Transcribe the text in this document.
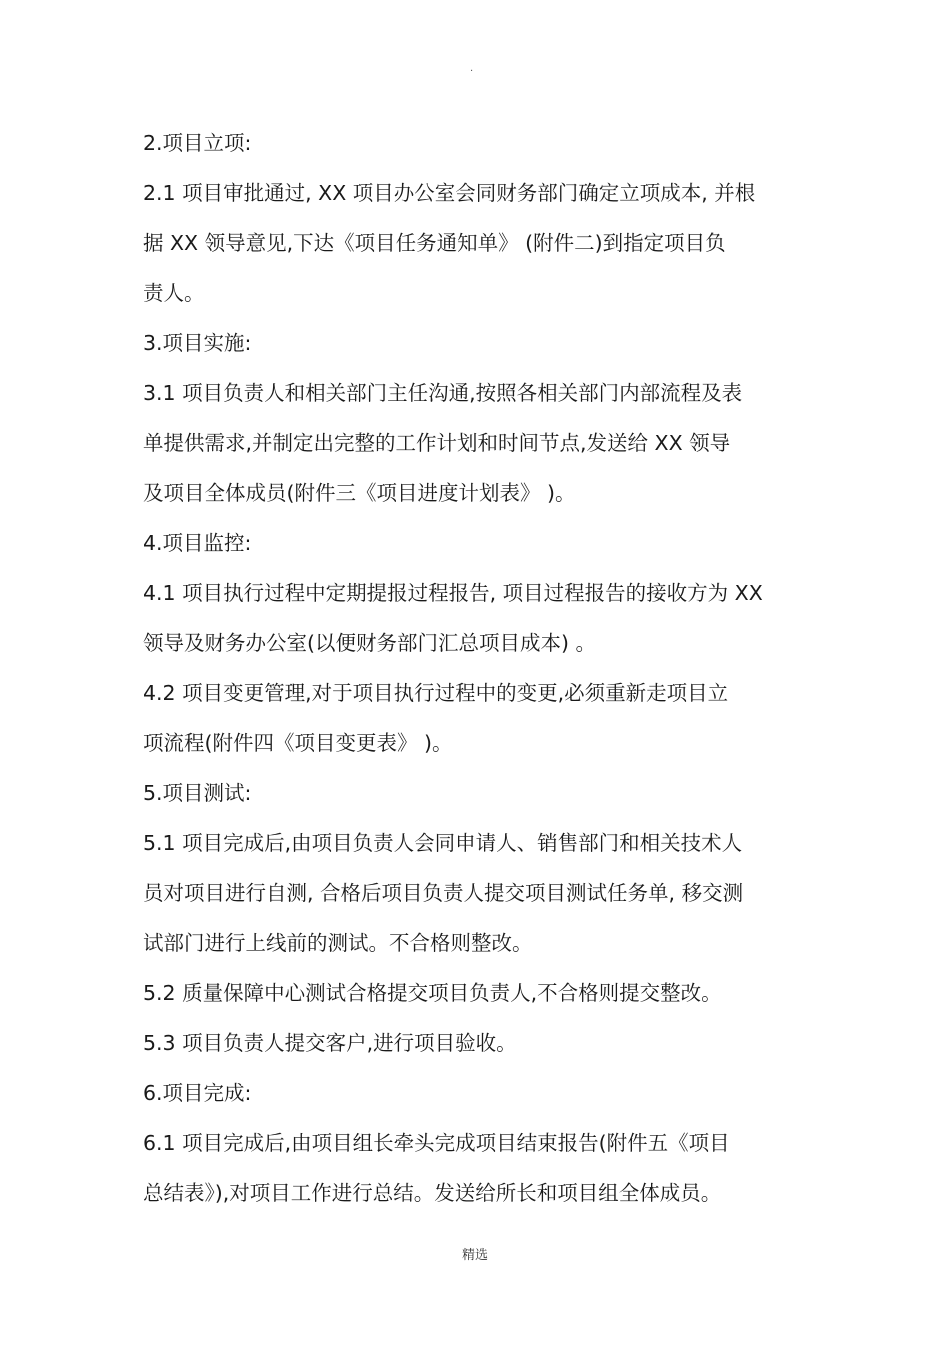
·

2.项目立项:

2.1 项目审批通过, XX 项目办公室会同财务部门确定立项成本, 并根

据 XX 领导意见,下达《项目任务通知单》 (附件二)到指定项目负

责人。

3.项目实施:

3.1 项目负责人和相关部门主任沟通,按照各相关部门内部流程及表

单提供需求,并制定出完整的工作计划和时间节点,发送给 XX 领导

及项目全体成员(附件三《项目进度计划表》 )。

4.项目监控:

4.1 项目执行过程中定期提报过程报告, 项目过程报告的接收方为 XX

领导及财务办公室(以便财务部门汇总项目成本) 。

4.2 项目变更管理,对于项目执行过程中的变更,必须重新走项目立

项流程(附件四《项目变更表》 )。

5.项目测试:

5.1 项目完成后,由项目负责人会同申请人、销售部门和相关技术人

员对项目进行自测, 合格后项目负责人提交项目测试任务单, 移交测

试部门进行上线前的测试。不合格则整改。

5.2 质量保障中心测试合格提交项目负责人,不合格则提交整改。

5.3 项目负责人提交客户,进行项目验收。

6.项目完成:

6.1 项目完成后,由项目组长牵头完成项目结束报告(附件五《项目

总结表》),对项目工作进行总结。发送给所长和项目组全体成员。

精选
